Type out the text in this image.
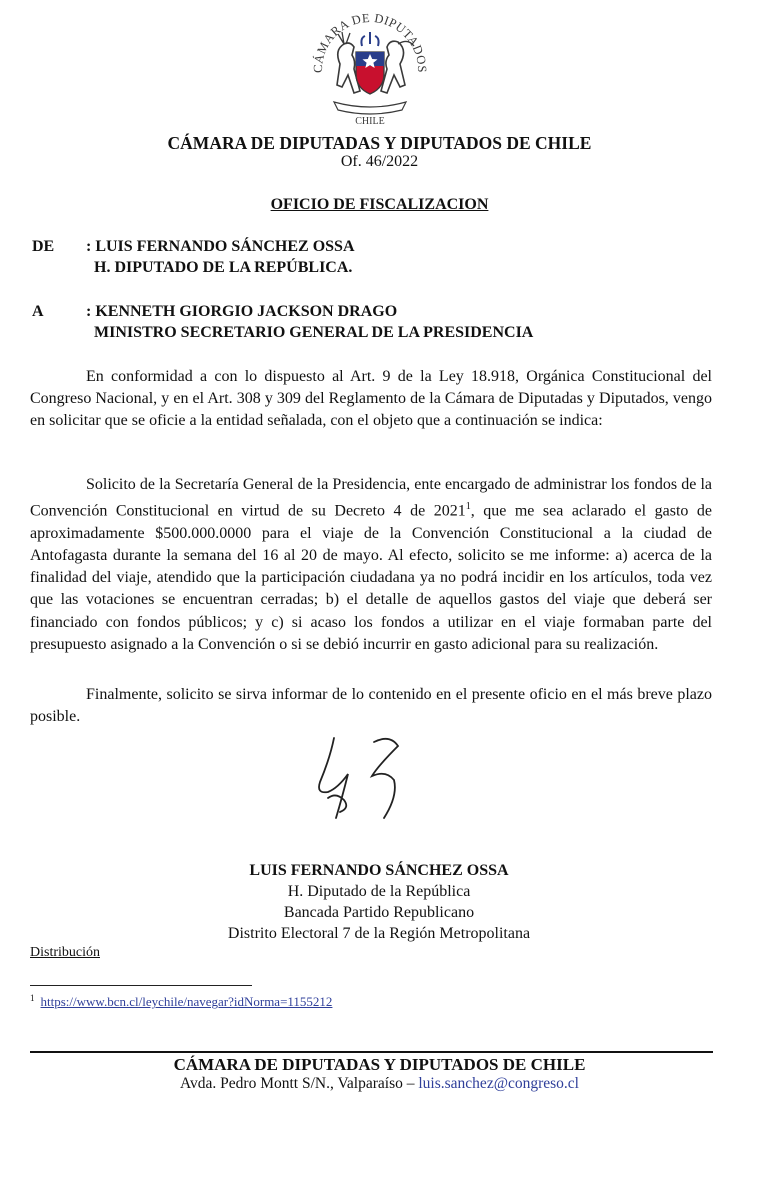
CÁMARA DE DIPUTADOS
CHILE
CÁMARA DE DIPUTADAS Y DIPUTADOS DE CHILE
Of. 46/2022
OFICIO DE FISCALIZACION
DE	: LUIS FERNANDO SÁNCHEZ OSSA
H. DIPUTADO DE LA REPÚBLICA.
A	: KENNETH GIORGIO JACKSON DRAGO
MINISTRO SECRETARIO GENERAL DE LA PRESIDENCIA

En conformidad a con lo dispuesto al Art. 9 de la Ley 18.918, Orgánica Constitucional del Congreso Nacional, y en el Art. 308 y 309 del Reglamento de la Cámara de Diputadas y Diputados, vengo en solicitar que se oficie a la entidad señalada, con el objeto que a continuación se indica:

Solicito de la Secretaría General de la Presidencia, ente encargado de administrar los fondos de la Convención Constitucional en virtud de su Decreto 4 de 2021$^1$, que me sea aclarado el gasto de aproximadamente $500.000.0000 para el viaje de la Convención Constitucional a la ciudad de Antofagasta durante la semana del 16 al 20 de mayo. Al efecto, solicito se me informe: a) acerca de la finalidad del viaje, atendido que la participación ciudadana ya no podrá incidir en los artículos, toda vez que las votaciones se encuentran cerradas; b) el detalle de aquellos gastos del viaje que deberá ser financiado con fondos públicos; y c) si acaso los fondos a utilizar en el viaje formaban parte del presupuesto asignado a la Convención o si se debió incurrir en gasto adicional para su realización.

Finalmente, solicito se sirva informar de lo contenido en el presente oficio en el más breve plazo posible.

LUIS FERNANDO SÁNCHEZ OSSA
H. Diputado de la República
Bancada Partido Republicano
Distrito Electoral 7 de la Región Metropolitana
Distribución
$^1$ https://www.bcn.cl/leychile/navegar?idNorma=1155212
CÁMARA DE DIPUTADAS Y DIPUTADOS DE CHILE
Avda. Pedro Montt S/N., Valparaíso – luis.sanchez@congreso.cl
